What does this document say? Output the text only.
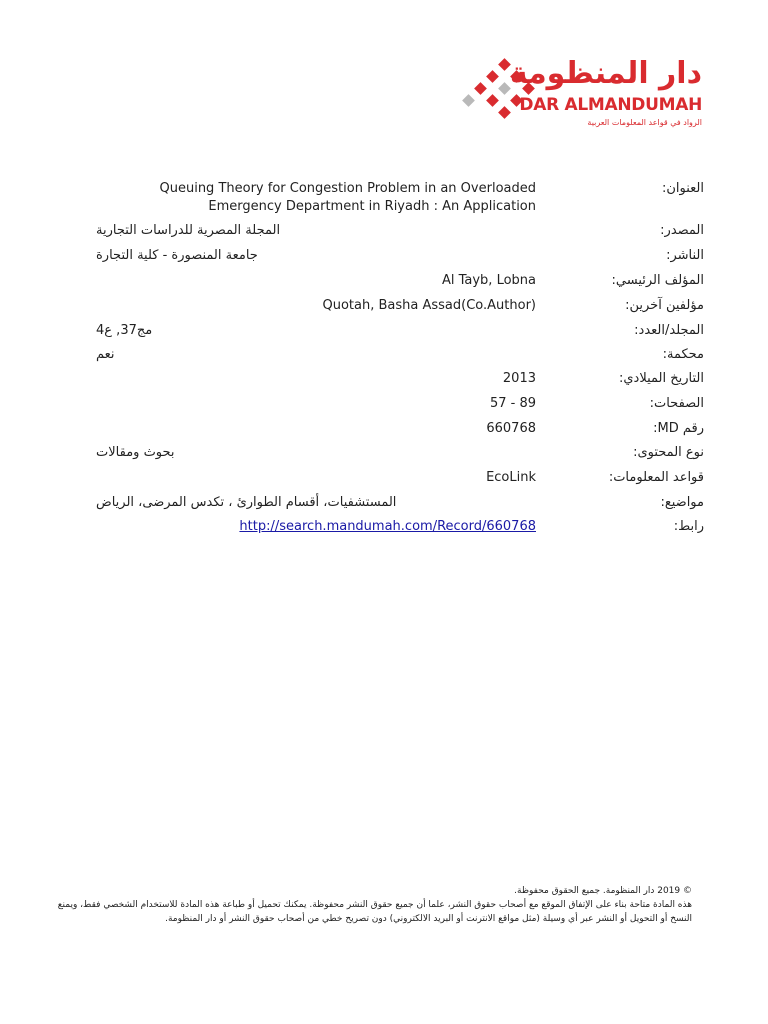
دار المنظومة
DAR ALMANDUMAH
الرواد في قواعد المعلومات العربية
العنوان:
Queuing Theory for Congestion Problem in an Overloaded Emergency Department in Riyadh : An Application
المصدر:
المجلة المصرية للدراسات التجارية
الناشر:
جامعة المنصورة - كلية التجارة
المؤلف الرئيسي:
Al Tayb, Lobna
مؤلفين آخرين:
Quotah, Basha Assad(Co.Author)
المجلد/العدد:
مج37, ع4
محكمة:
نعم
التاريخ الميلادي:
2013
الصفحات:
57 - 89
رقم MD:
660768
نوع المحتوى:
بحوث ومقالات
قواعد المعلومات:
EcoLink
مواضيع:
المستشفيات، أقسام الطوارئ ، تكدس المرضى، الرياض
رابط:
http://search.mandumah.com/Record/660768

© 2019 دار المنظومة. جميع الحقوق محفوظة.

هذه المادة متاحة بناء على الإتفاق الموقع مع أصحاب حقوق النشر، علما أن جميع حقوق النشر محفوظة. يمكنك تحميل أو طباعة هذه المادة للاستخدام الشخصي فقط، ويمنع النسخ أو التحويل أو النشر عبر أي وسيلة (مثل مواقع الانترنت أو البريد الالكتروني) دون تصريح خطي من أصحاب حقوق النشر أو دار المنظومة.
